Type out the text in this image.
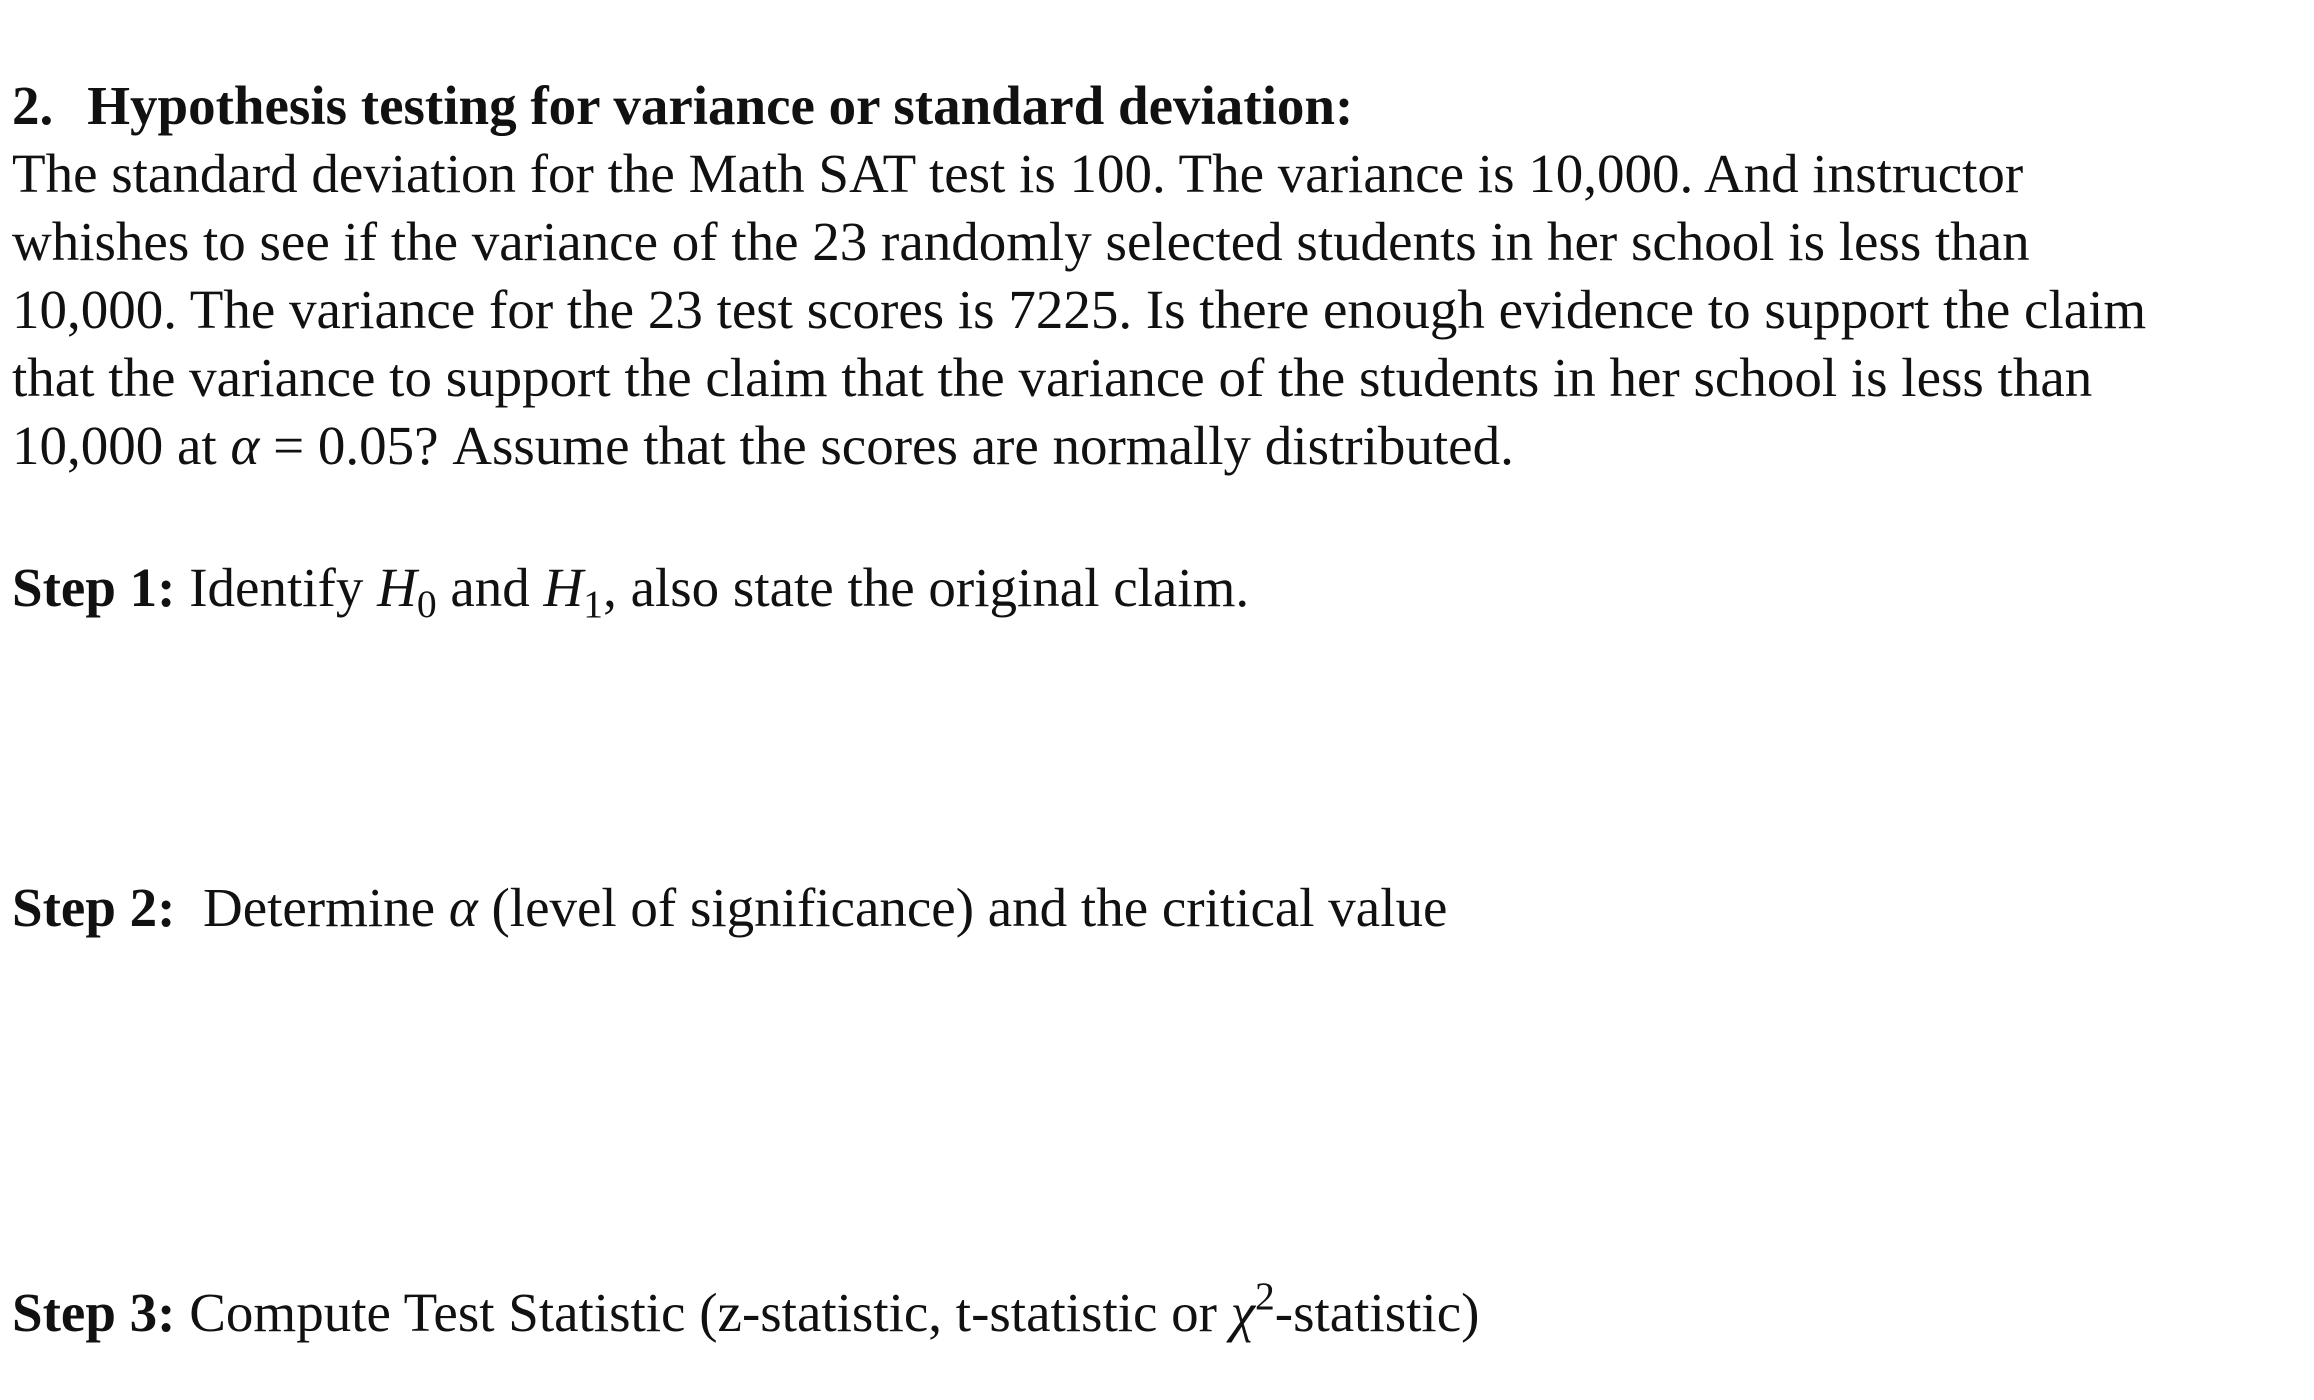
2. Hypothesis testing for variance or standard deviation:
The standard deviation for the Math SAT test is 100. The variance is 10,000. And instructor
whishes to see if the variance of the 23 randomly selected students in her school is less than
10,000. The variance for the 23 test scores is 7225. Is there enough evidence to support the claim
that the variance to support the claim that the variance of the students in her school is less than
10,000 at α = 0.05? Assume that the scores are normally distributed.
Step 1: Identify $H_0$ and $H_1$, also state the original claim.
Step 2:  Determine α (level of significance) and the critical value
Step 3: Compute Test Statistic (z-statistic, t-statistic or $\chi^2-statistic$)
